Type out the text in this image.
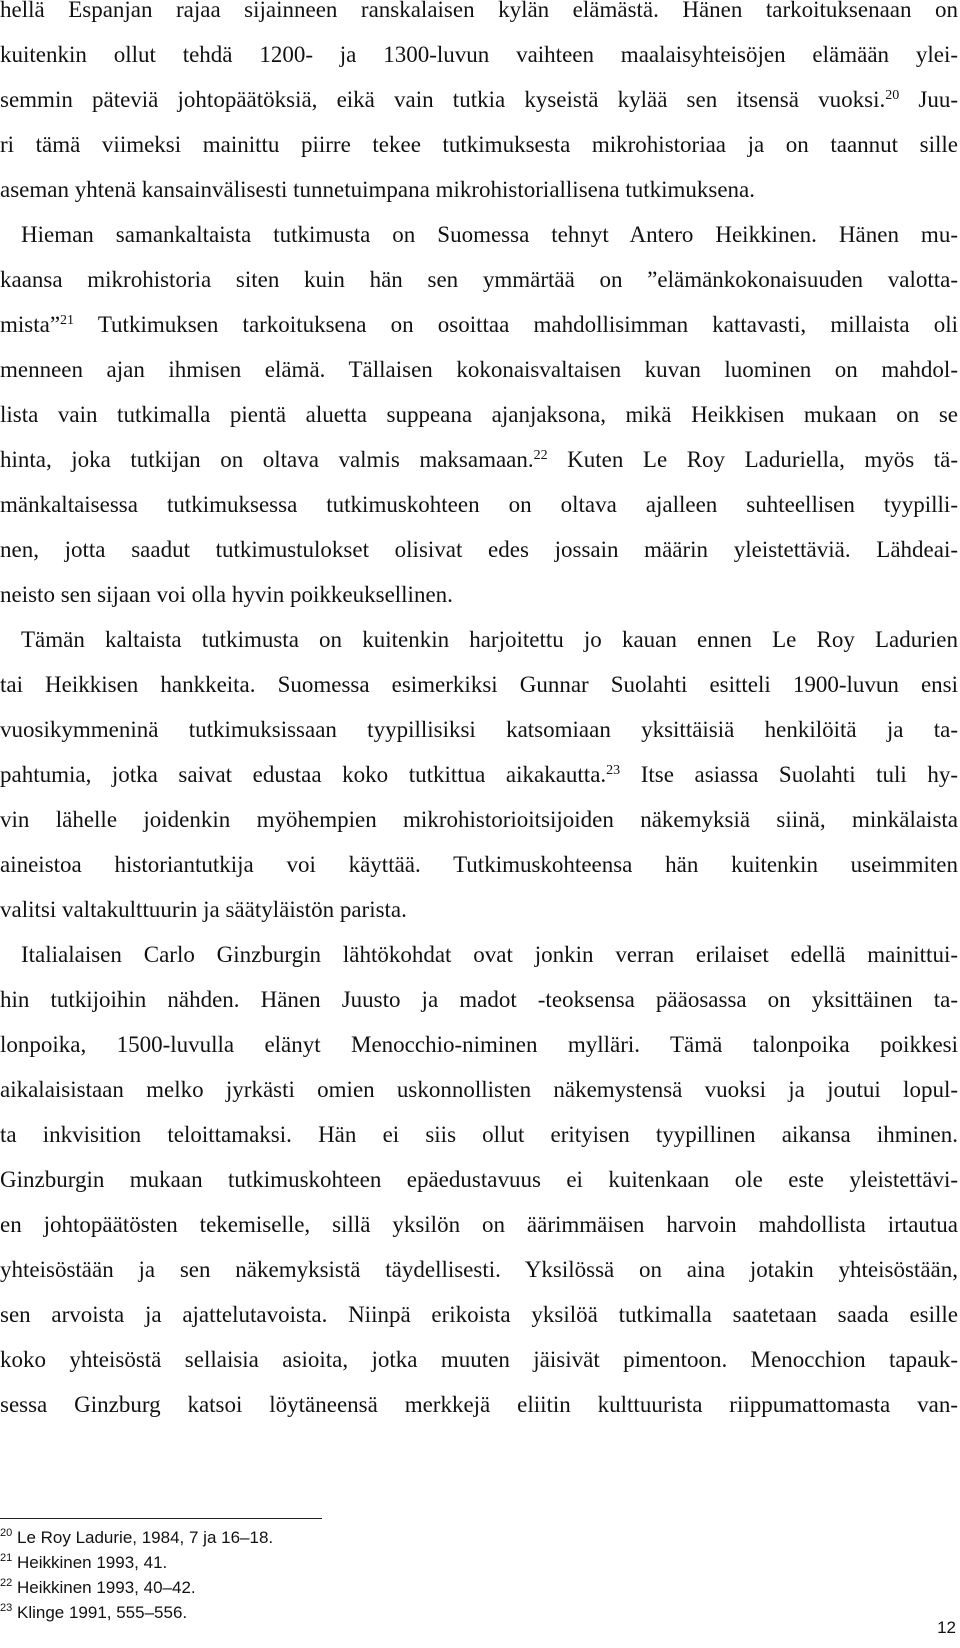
hellä Espanjan rajaa sijainneen ranskalaisen kylän elämästä. Hänen tarkoituksenaan on
kuitenkin ollut tehdä 1200- ja 1300-luvun vaihteen maalaisyhteisöjen elämään ylei-
semmin päteviä johtopäätöksiä, eikä vain tutkia kyseistä kylää sen itsensä vuoksi.$^{20}$ Juu-
ri tämä viimeksi mainittu piirre tekee tutkimuksesta mikrohistoriaa ja on taannut sille
aseman yhtenä kansainvälisesti tunnetuimpana mikrohistoriallisena tutkimuksena.
Hieman samankaltaista tutkimusta on Suomessa tehnyt Antero Heikkinen. Hänen mu-
kaansa mikrohistoria siten kuin hän sen ymmärtää on ”elämänkokonaisuuden valotta-
mista”$^{21}$ Tutkimuksen tarkoituksena on osoittaa mahdollisimman kattavasti, millaista oli
menneen ajan ihmisen elämä. Tällaisen kokonaisvaltaisen kuvan luominen on mahdol-
lista vain tutkimalla pientä aluetta suppeana ajanjaksona, mikä Heikkisen mukaan on se
hinta, joka tutkijan on oltava valmis maksamaan.$^{22}$ Kuten Le Roy Laduriella, myös tä-
mänkaltaisessa tutkimuksessa tutkimuskohteen on oltava ajalleen suhteellisen tyypilli-
nen, jotta saadut tutkimustulokset olisivat edes jossain määrin yleistettäviä. Lähdeai-
neisto sen sijaan voi olla hyvin poikkeuksellinen.
Tämän kaltaista tutkimusta on kuitenkin harjoitettu jo kauan ennen Le Roy Ladurien
tai Heikkisen hankkeita. Suomessa esimerkiksi Gunnar Suolahti esitteli 1900-luvun ensi
vuosikymmeninä tutkimuksissaan tyypillisiksi katsomiaan yksittäisiä henkilöitä ja ta-
pahtumia, jotka saivat edustaa koko tutkittua aikakautta.$^{23}$ Itse asiassa Suolahti tuli hy-
vin lähelle joidenkin myöhempien mikrohistorioitsijoiden näkemyksiä siinä, minkälaista
aineistoa historiantutkija voi käyttää. Tutkimuskohteensa hän kuitenkin useimmiten
valitsi valtakulttuurin ja säätyläistön parista.
Italialaisen Carlo Ginzburgin lähtökohdat ovat jonkin verran erilaiset edellä mainittui-
hin tutkijoihin nähden. Hänen Juusto ja madot -teoksensa pääosassa on yksittäinen ta-
lonpoika, 1500-luvulla elänyt Menocchio-niminen mylläri. Tämä talonpoika poikkesi
aikalaisistaan melko jyrkästi omien uskonnollisten näkemystensä vuoksi ja joutui lopul-
ta inkvisition teloittamaksi. Hän ei siis ollut erityisen tyypillinen aikansa ihminen.
Ginzburgin mukaan tutkimuskohteen epäedustavuus ei kuitenkaan ole este yleistettävi-
en johtopäätösten tekemiselle, sillä yksilön on äärimmäisen harvoin mahdollista irtautua
yhteisöstään ja sen näkemyksistä täydellisesti. Yksilössä on aina jotakin yhteisöstään,
sen arvoista ja ajattelutavoista. Niinpä erikoista yksilöä tutkimalla saatetaan saada esille
koko yhteisöstä sellaisia asioita, jotka muuten jäisivät pimentoon. Menocchion tapauk-
sessa Ginzburg katsoi löytäneensä merkkejä eliitin kulttuurista riippumattomasta van-
$^{20}$ Le Roy Ladurie, 1984, 7 ja 16–18.
$^{21}$ Heikkinen 1993, 41.
$^{22}$ Heikkinen 1993, 40–42.
$^{23}$ Klinge 1991, 555–556.
12
